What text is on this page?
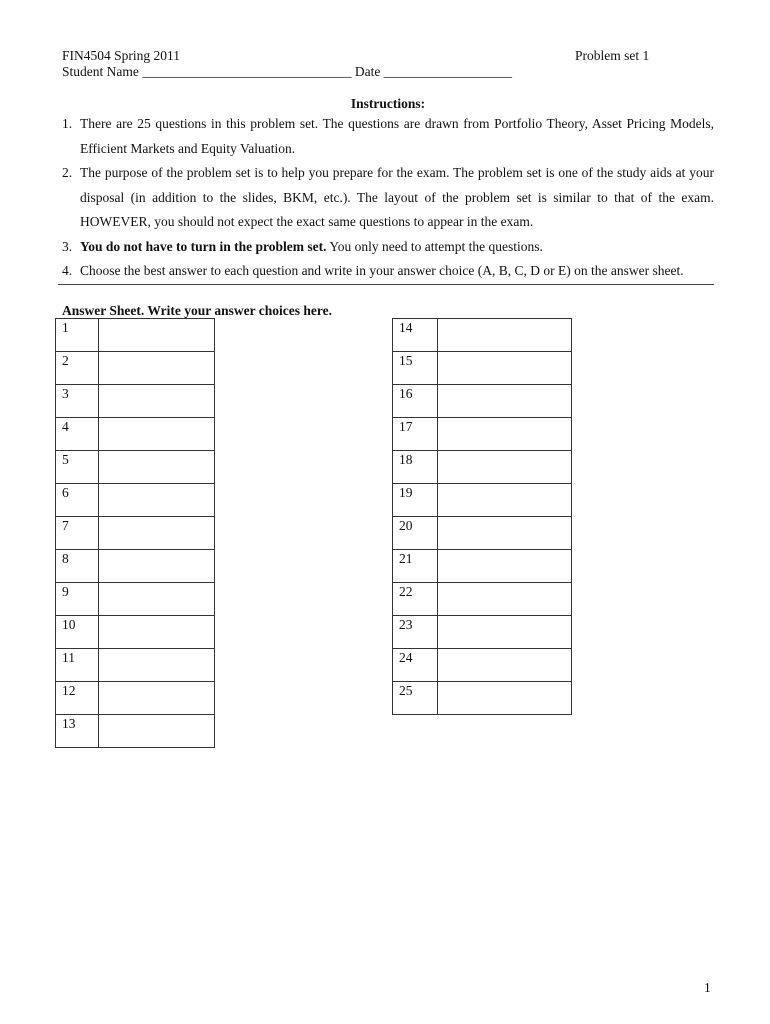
FIN4504 Spring 2011	Problem set 1
Student Name _______________________________ Date ___________________
Instructions:
1. There are 25 questions in this problem set. The questions are drawn from Portfolio Theory, Asset Pricing Models, Efficient Markets and Equity Valuation.
2. The purpose of the problem set is to help you prepare for the exam. The problem set is one of the study aids at your disposal (in addition to the slides, BKM, etc.). The layout of the problem set is similar to that of the exam. HOWEVER, you should not expect the exact same questions to appear in the exam.
3. You do not have to turn in the problem set. You only need to attempt the questions.
4. Choose the best answer to each question and write in your answer choice (A, B, C, D or E) on the answer sheet.
Answer Sheet. Write your answer choices here.
1	
2	
3	
4	
5	
6	
7	
8	
9	
10	
11	
12	
13	
14	
15	
16	
17	
18	
19	
20	
21	
22	
23	
24	
25	
1
